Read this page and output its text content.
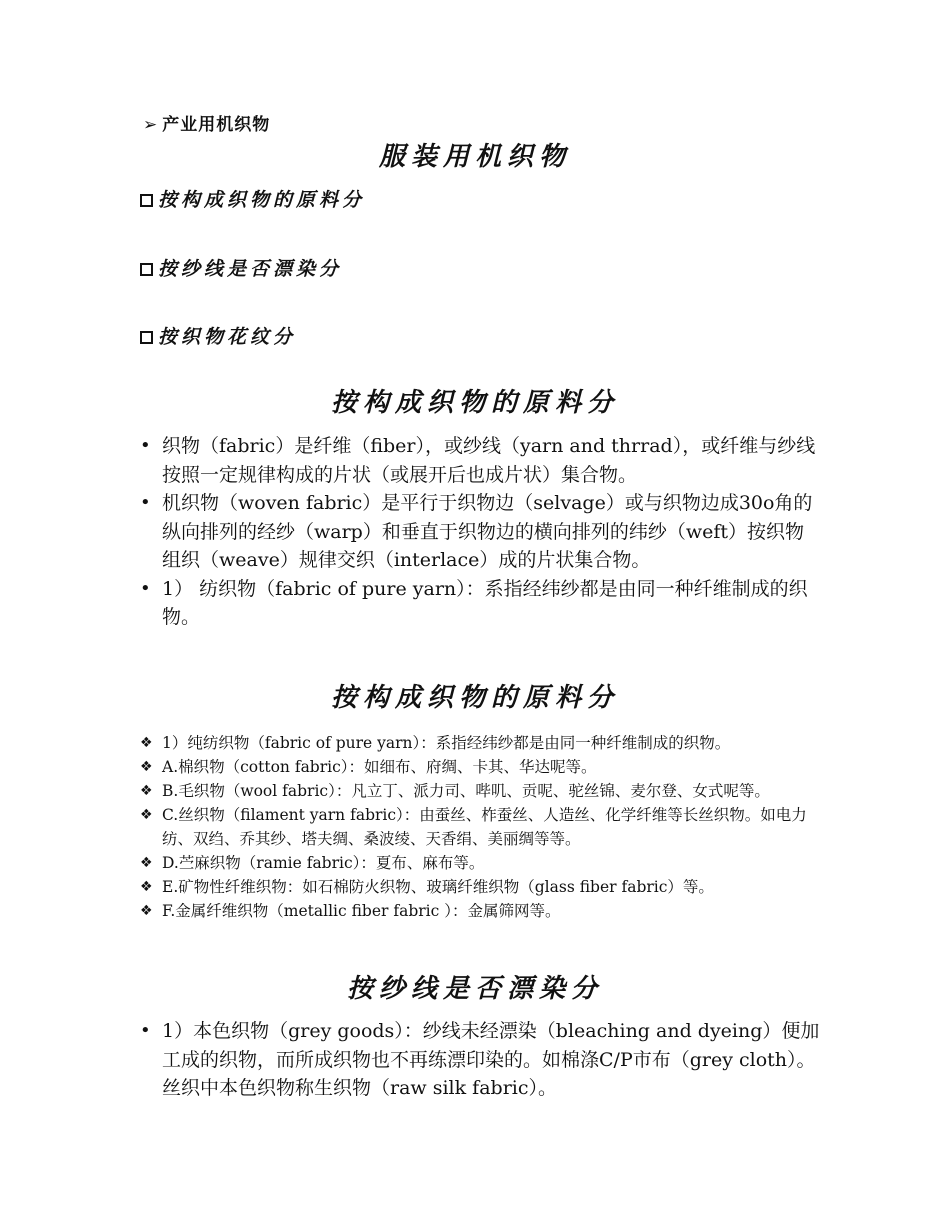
➢ 产业用机织物
服装用机织物
按构成织物的原料分
按纱线是否漂染分
按织物花纹分
按构成织物的原料分
• 织物（fabric）是纤维（fiber），或纱线（yarn and thrrad），或纤维与纱线按照一定规律构成的片状（或展开后也成片状）集合物。
• 机织物（woven fabric）是平行于织物边（selvage）或与织物边成30o角的纵向排列的经纱（warp）和垂直于织物边的横向排列的纬纱（weft）按织物组织（weave）规律交织（interlace）成的片状集合物。
• 1） 纺织物（fabric of pure yarn）：系指经纬纱都是由同一种纤维制成的织物。
按构成织物的原料分
❖ 1）纯纺织物（fabric of pure yarn）：系指经纬纱都是由同一种纤维制成的织物。
❖ A.棉织物（cotton fabric）：如细布、府绸、卡其、华达呢等。
❖ B.毛织物（wool fabric）：凡立丁、派力司、哔叽、贡呢、驼丝锦、麦尔登、女式呢等。
❖ C.丝织物（filament yarn fabric）：由蚕丝、柞蚕丝、人造丝、化学纤维等长丝织物。如电力纺、双绉、乔其纱、塔夫绸、桑波绫、天香绢、美丽绸等等。
❖ D.苎麻织物（ramie fabric）：夏布、麻布等。
❖ E.矿物性纤维织物：如石棉防火织物、玻璃纤维织物（glass fiber fabric）等。
❖ F.金属纤维织物（metallic fiber fabric ）：金属筛网等。
按纱线是否漂染分
• 1）本色织物（grey goods）：纱线未经漂染（bleaching and dyeing）便加工成的织物，而所成织物也不再练漂印染的。如棉涤C/P市布（grey cloth）。丝织中本色织物称生织物（raw silk fabric）。
